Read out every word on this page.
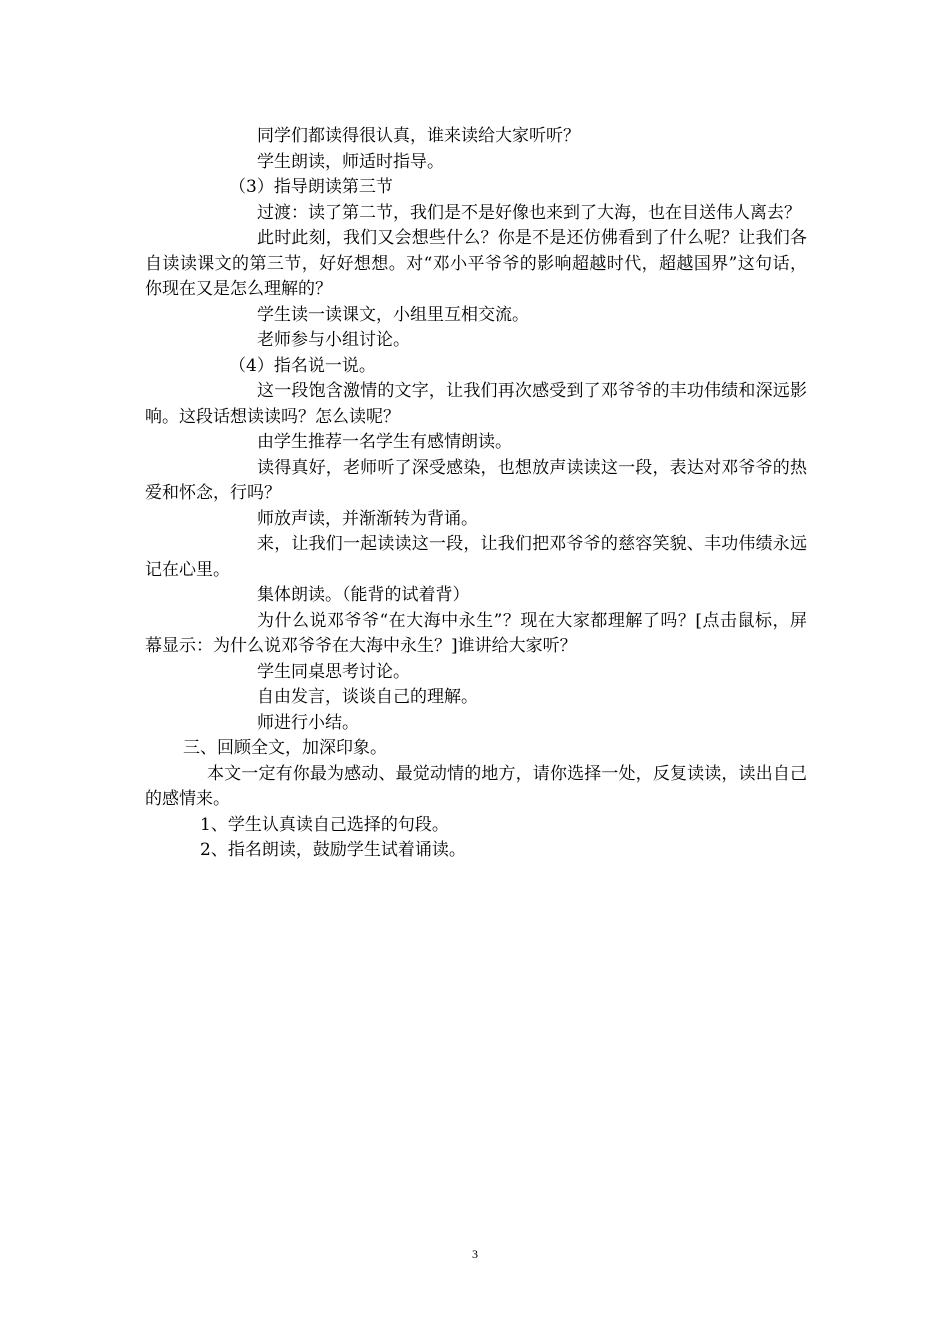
同学们都读得很认真，谁来读给大家听听？

学生朗读，师适时指导。

（3）指导朗读第三节

过渡：读了第二节，我们是不是好像也来到了大海，也在目送伟人离去？

此时此刻，我们又会想些什么？你是不是还仿佛看到了什么呢？让我们各自读读课文的第三节，好好想想。对“邓小平爷爷的影响超越时代，超越国界”这句话，你现在又是怎么理解的？

学生读一读课文，小组里互相交流。

老师参与小组讨论。

（4）指名说一说。

这一段饱含激情的文字，让我们再次感受到了邓爷爷的丰功伟绩和深远影响。这段话想读读吗？怎么读呢？

由学生推荐一名学生有感情朗读。

读得真好，老师听了深受感染，也想放声读读这一段，表达对邓爷爷的热爱和怀念，行吗？

师放声读，并渐渐转为背诵。

来，让我们一起读读这一段，让我们把邓爷爷的慈容笑貌、丰功伟绩永远记在心里。

集体朗读。（能背的试着背）

为什么说邓爷爷“在大海中永生”？现在大家都理解了吗？[点击鼠标，屏幕显示：为什么说邓爷爷在大海中永生？]谁讲给大家听？

学生同桌思考讨论。

自由发言，谈谈自己的理解。

师进行小结。

三、回顾全文，加深印象。

本文一定有你最为感动、最觉动情的地方，请你选择一处，反复读读，读出自己的感情来。

1、学生认真读自己选择的句段。

2、指名朗读，鼓励学生试着诵读。

3
